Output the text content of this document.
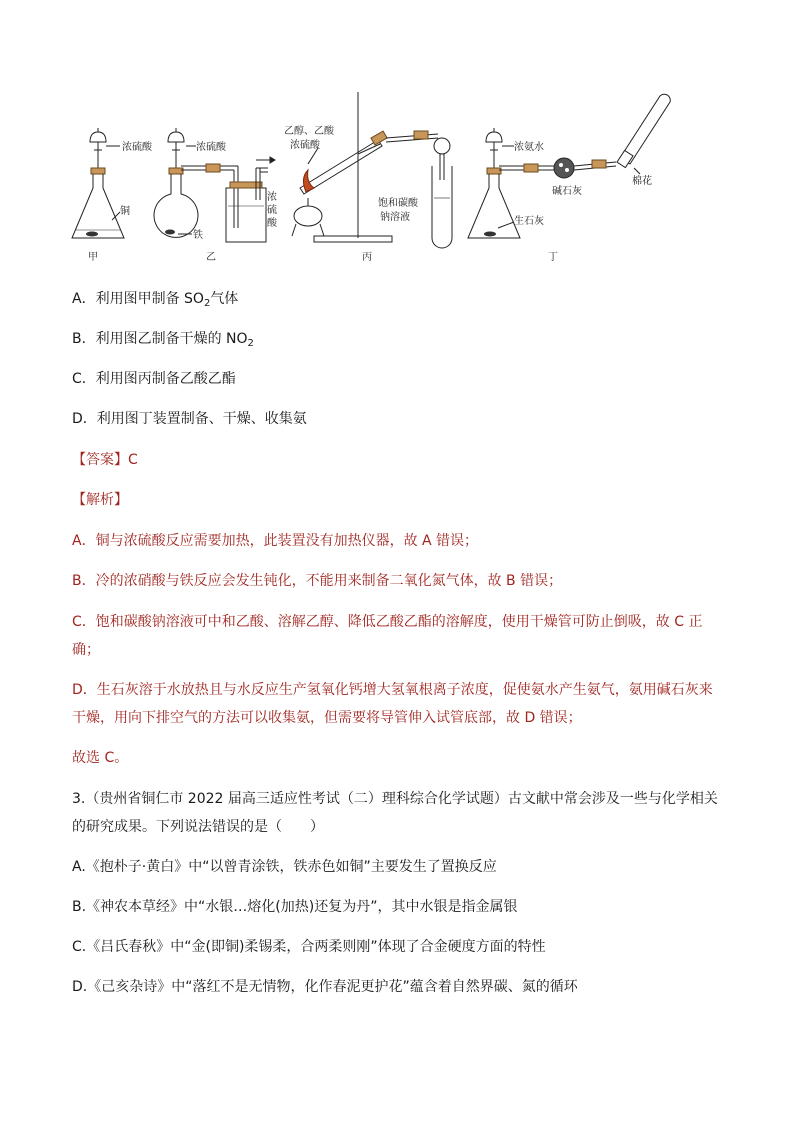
浓硫酸
铜
浓硫酸
铁
浓
硫
酸
乙醇、乙酸
浓硫酸
饱和碳酸
钠溶液
浓氨水
碱石灰
棉花
生石灰
甲	乙	丙	丁
A．利用图甲制备 $SO_2$气体
B．利用图乙制备干燥的 $NO_2$
C．利用图丙制备乙酸乙酯
D．利用图丁装置制备、干燥、收集氨
【答案】C
【解析】
A．铜与浓硫酸反应需要加热，此装置没有加热仪器，故 A 错误；
B．冷的浓硝酸与铁反应会发生钝化，不能用来制备二氧化氮气体，故 B 错误；
C．饱和碳酸钠溶液可中和乙酸、溶解乙醇、降低乙酸乙酯的溶解度，使用干燥管可防止倒吸，故 C 正
确；
D．生石灰溶于水放热且与水反应生产氢氧化钙增大氢氧根离子浓度，促使氨水产生氨气，氨用碱石灰来
干燥，用向下排空气的方法可以收集氨，但需要将导管伸入试管底部，故 D 错误；
故选 C。
3.（贵州省铜仁市 2022 届高三适应性考试（二）理科综合化学试题）古文献中常会涉及一些与化学相关
的研究成果。下列说法错误的是（　　）
A.《抱朴子·黄白》中“以曾青涂铁，铁赤色如铜”主要发生了置换反应
B.《神农本草经》中“水银…熔化(加热)还复为丹”，其中水银是指金属银
C.《吕氏春秋》中“金(即铜)柔锡柔，合两柔则刚”体现了合金硬度方面的特性
D.《己亥杂诗》中“落红不是无情物，化作春泥更护花”蕴含着自然界碳、氮的循环
